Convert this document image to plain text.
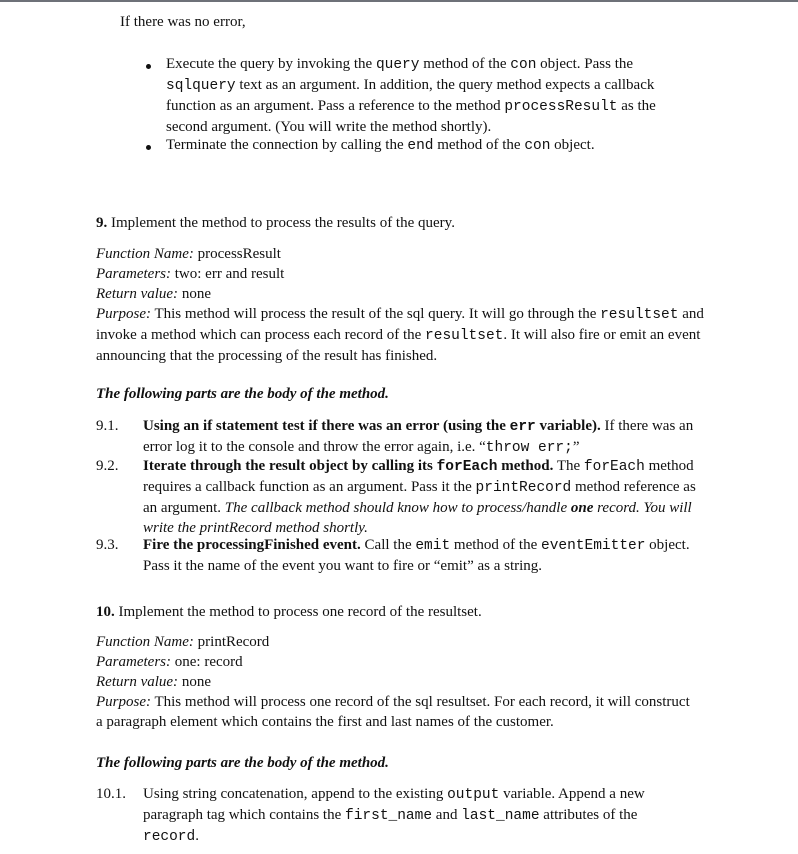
If there was no error,
Execute the query by invoking the query method of the con object. Pass the sqlquery text as an argument. In addition, the query method expects a callback function as an argument. Pass a reference to the method processResult as the second argument. (You will write the method shortly).
Terminate the connection by calling the end method of the con object.
9. Implement the method to process the results of the query.
Function Name: processResult
Parameters: two: err and result
Return value: none
Purpose: This method will process the result of the sql query. It will go through the resultset and invoke a method which can process each record of the resultset. It will also fire or emit an event announcing that the processing of the result has finished.
The following parts are the body of the method.
9.1. Using an if statement test if there was an error (using the err variable). If there was an error log it to the console and throw the error again, i.e. “throw err;”
9.2. Iterate through the result object by calling its forEach method. The forEach method requires a callback function as an argument. Pass it the printRecord method reference as an argument. The callback method should know how to process/handle one record. You will write the printRecord method shortly.
9.3. Fire the processingFinished event. Call the emit method of the eventEmitter object. Pass it the name of the event you want to fire or “emit” as a string.
10. Implement the method to process one record of the resultset.
Function Name: printRecord
Parameters: one: record
Return value: none
Purpose: This method will process one record of the sql resultset. For each record, it will construct a paragraph element which contains the first and last names of the customer.
The following parts are the body of the method.
10.1. Using string concatenation, append to the existing output variable. Append a new paragraph tag which contains the first_name and last_name attributes of the record.
